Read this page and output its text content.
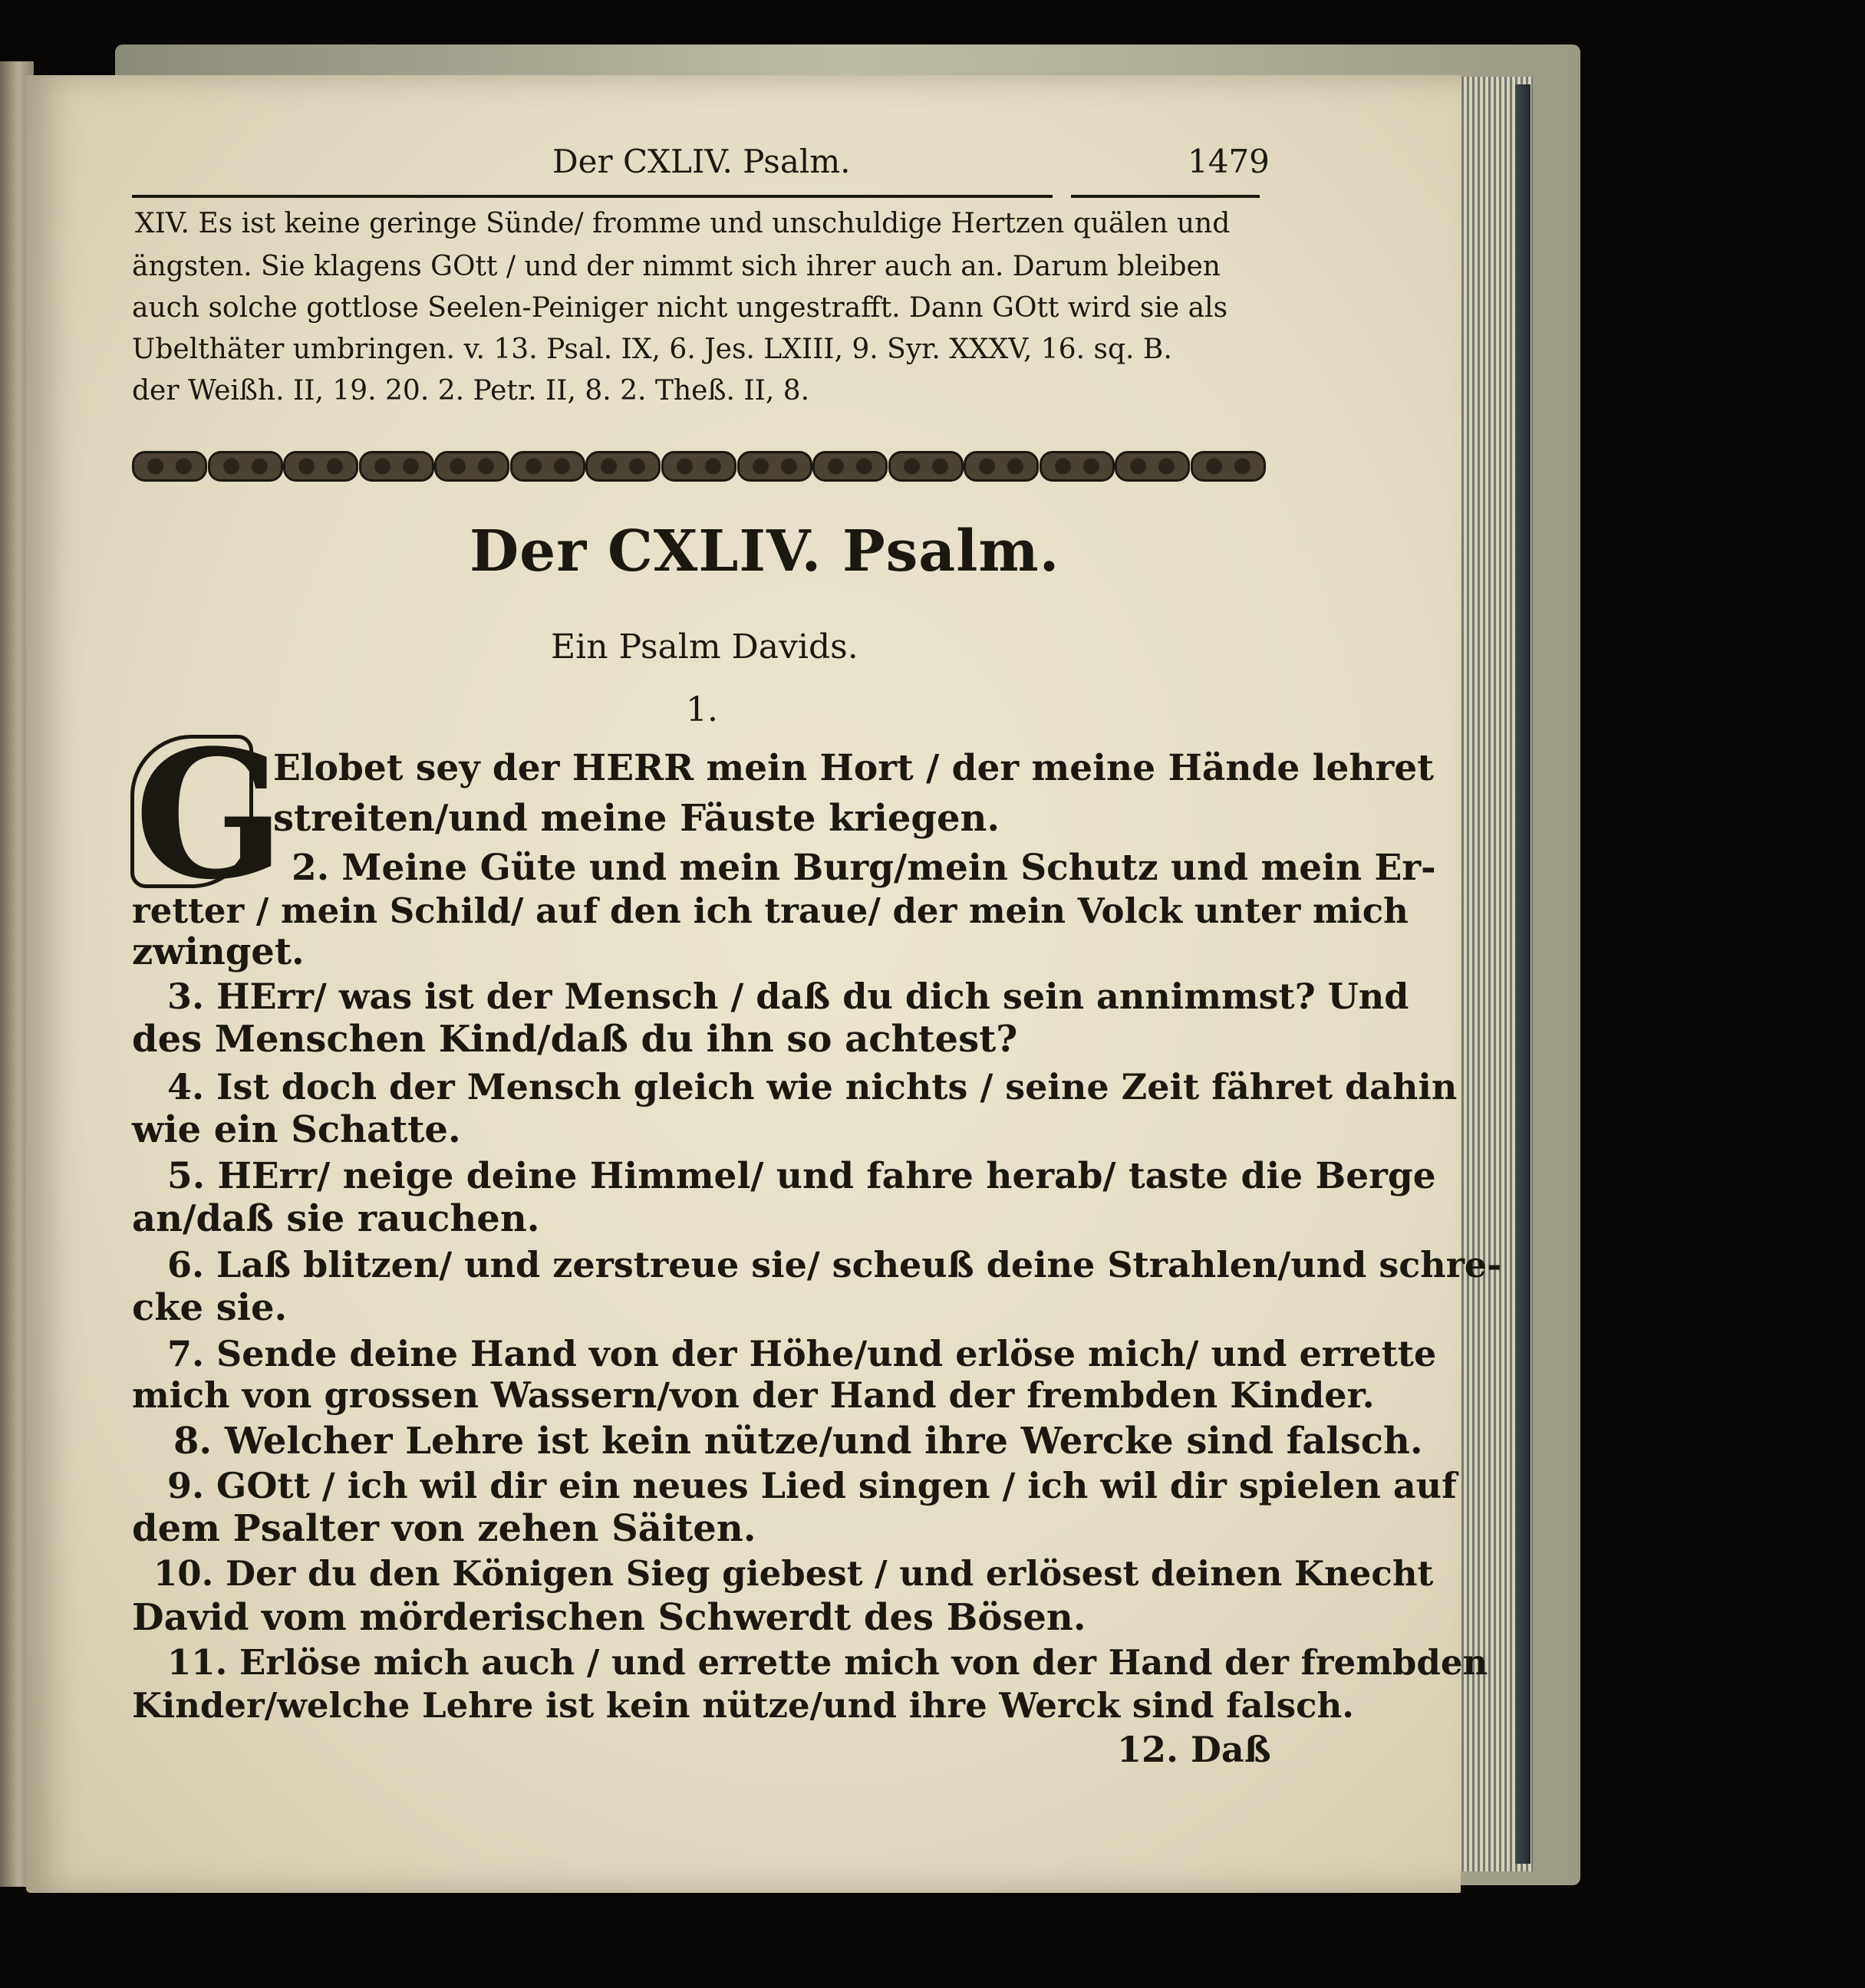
Der CXLIV. Psalm.	1479
XIV. Es ist keine geringe Sünde/ fromme und unschuldige Hertzen quälen und
ängsten. Sie klagens GOtt / und der nimmt sich ihrer auch an. Darum bleiben
auch solche gottlose Seelen-Peiniger nicht ungestrafft. Dann GOtt wird sie als
Ubelthäter umbringen. v. 13. Psal. IX, 6. Jes. LXIII, 9. Syr. XXXV, 16. sq. B.
der Weißh. II, 19. 20. 2. Petr. II, 8. 2. Theß. II, 8.
Der CXLIV. Psalm.
Ein Psalm Davids.
1.
G
Elobet sey der HERR mein Hort / der meine Hände lehret
streiten/und meine Fäuste kriegen.
2. Meine Güte und mein Burg/mein Schutz und mein Er-
retter / mein Schild/ auf den ich traue/ der mein Volck unter mich
zwinget.
3. HErr/ was ist der Mensch / daß du dich sein annimmst? Und
des Menschen Kind/daß du ihn so achtest?
4. Ist doch der Mensch gleich wie nichts / seine Zeit fähret dahin
wie ein Schatte.
5. HErr/ neige deine Himmel/ und fahre herab/ taste die Berge
an/daß sie rauchen.
6. Laß blitzen/ und zerstreue sie/ scheuß deine Strahlen/und schre-
cke sie.
7. Sende deine Hand von der Höhe/und erlöse mich/ und errette
mich von grossen Wassern/von der Hand der frembden Kinder.
8. Welcher Lehre ist kein nütze/und ihre Wercke sind falsch.
9. GOtt / ich wil dir ein neues Lied singen / ich wil dir spielen auf
dem Psalter von zehen Säiten.
10. Der du den Königen Sieg giebest / und erlösest deinen Knecht
David vom mörderischen Schwerdt des Bösen.
11. Erlöse mich auch / und errette mich von der Hand der frembden
Kinder/welche Lehre ist kein nütze/und ihre Werck sind falsch.
12. Daß
